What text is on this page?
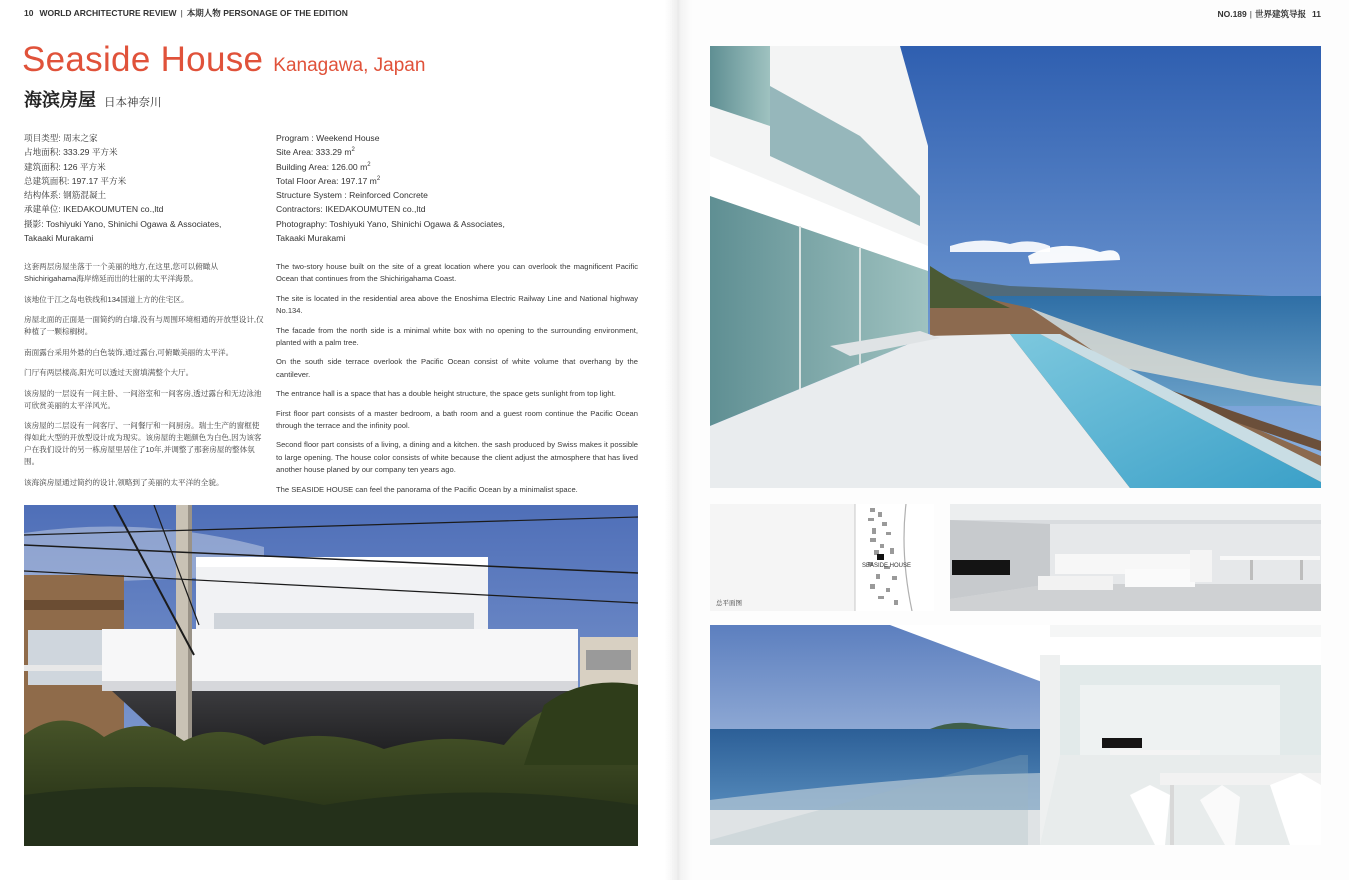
10 WORLD ARCHITECTURE REVIEW | 本期人物 PERSONAGE OF THE EDITION
Seaside House Kanagawa, Japan
海滨房屋 日本神奈川
项目类型: 周末之家
占地面积: 333.29 平方米
建筑面积: 126 平方米
总建筑面积: 197.17 平方米
结构体系: 钢筋混凝土
承建单位: IKEDAKOUMUTEN co.,ltd
摄影: Toshiyuki Yano, Shinichi Ogawa & Associates,
Takaaki Murakami
Program : Weekend House
Site Area: 333.29 $m^2$
Building Area: 126.00 $m^2$
Total Floor Area: 197.17 $m^2$
Structure System : Reinforced Concrete
Contractors: IKEDAKOUMUTEN co.,ltd
Photography: Toshiyuki Yano, Shinichi Ogawa & Associates,
Takaaki Murakami

这套两层房屋坐落于一个美丽的地方,在这里,您可以俯瞰从Shichirigahama海岸绵延而出的壮丽的太平洋海景。

该地位于江之岛电铁线和134国道上方的住宅区。

房屋北面的正面是一面简约的白墙,没有与周围环境相通的开放型设计,仅种植了一颗棕榈树。

南面露台采用外悬的白色装饰,通过露台,可俯瞰美丽的太平洋。

门厅有两层楼高,阳光可以透过天窗填满整个大厅。

该房屋的一层设有一间主卧、一间浴室和一间客房,透过露台和无边泳池可欣赏美丽的太平洋风光。

该房屋的二层设有一间客厅、一间餐厅和一间厨房。瑞士生产的窗框使得如此大型的开放型设计成为现实。该房屋的主题颜色为白色,因为该客户在我们设计的另一栋房屋里居住了10年,并调整了那套房屋的整体氛围。

该海滨房屋通过简约的设计,领略到了美丽的太平洋的全貌。

The two-story house built on the site of a great location where you can overlook the magnificent Pacific Ocean that continues from the Shichirigahama Coast.

The site is located in the residential area above the Enoshima Electric Railway Line and National highway No.134.

The facade from the north side is a minimal white box with no opening to the surrounding environment, planted with a palm tree.

On the south side terrace overlook the Pacific Ocean consist of white volume that overhang by the cantilever.

The entrance hall is a space that has a double height structure, the space gets sunlight from top light.

First floor part consists of a master bedroom, a bath room and a guest room continue the Pacific Ocean through the terrace and the infinity pool.

Second floor part consists of a living, a dining and a kitchen. the sash produced by Swiss makes it possible to large opening. The house color consists of white because the client adjust the atmosphere that has lived another house planed by our company ten years ago.

The SEASIDE HOUSE can feel the panorama of the Pacific Ocean by a minimalist space.

NO.189 | 世界建筑导报 11
SEASIDE HOUSE
总平面图
